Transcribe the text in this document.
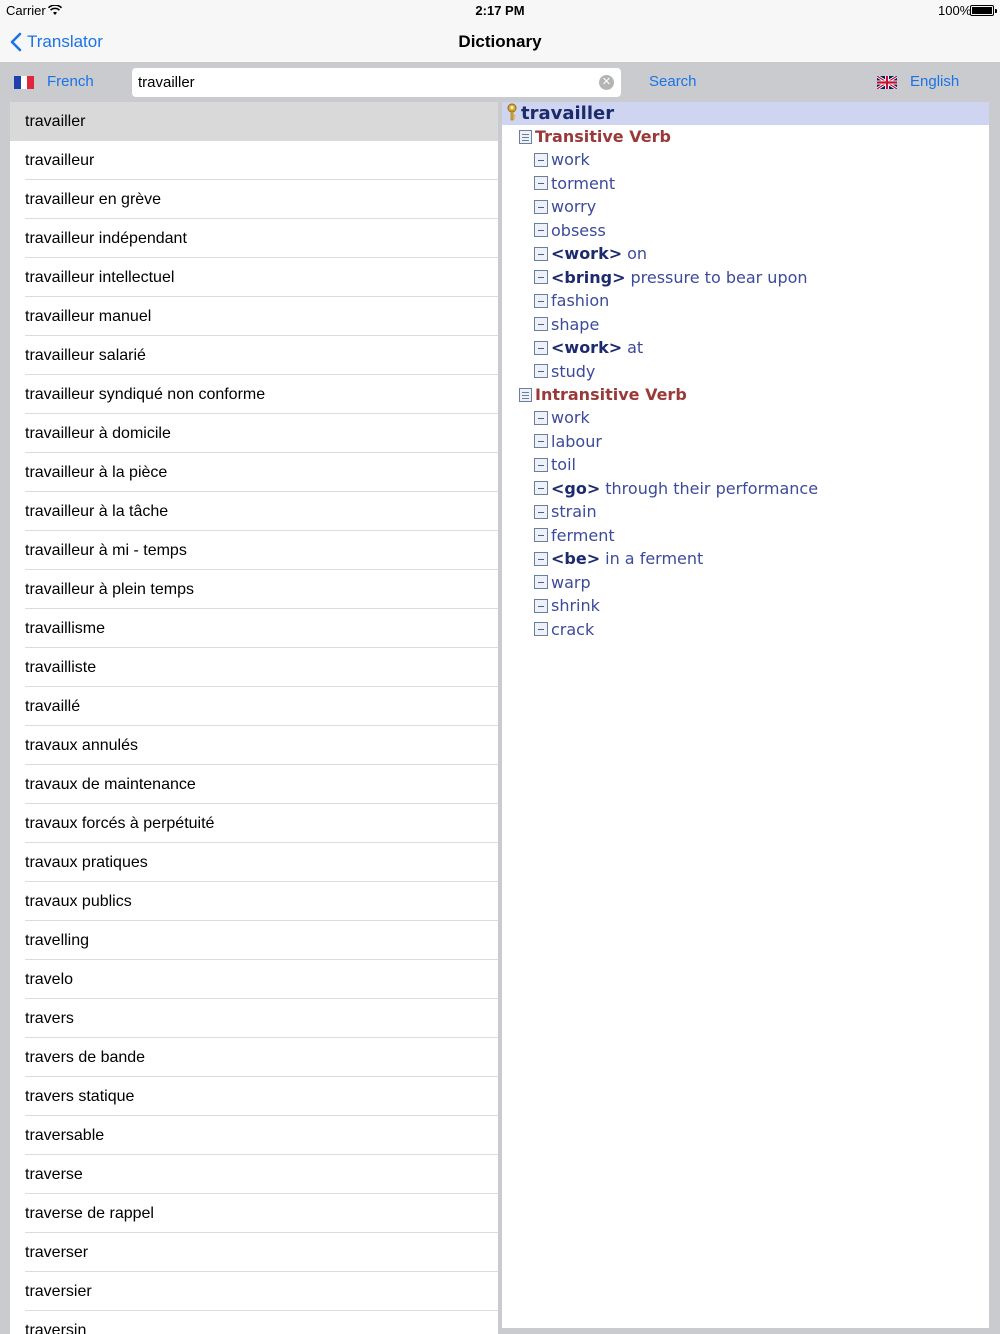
Carrier	2:17 PM	100%
Translator	Dictionary
French
travailler	✕	Search	English
travailler
travailleur
travailleur en grève
travailleur indépendant
travailleur intellectuel
travailleur manuel
travailleur salarié
travailleur syndiqué non conforme
travailleur à domicile
travailleur à la pièce
travailleur à la tâche
travailleur à mi - temps
travailleur à plein temps
travaillisme
travailliste
travaillé
travaux annulés
travaux de maintenance
travaux forcés à perpétuité
travaux pratiques
travaux publics
travelling
travelo
travers
travers de bande
travers statique
traversable
traverse
traverse de rappel
traverser
traversier
traversin
travailler
Transitive Verb
work
torment
worry
obsess
<work> on
<bring> pressure to bear upon
fashion
shape
<work> at
study
Intransitive Verb
work
labour
toil
<go> through their performance
strain
ferment
<be> in a ferment
warp
shrink
crack
